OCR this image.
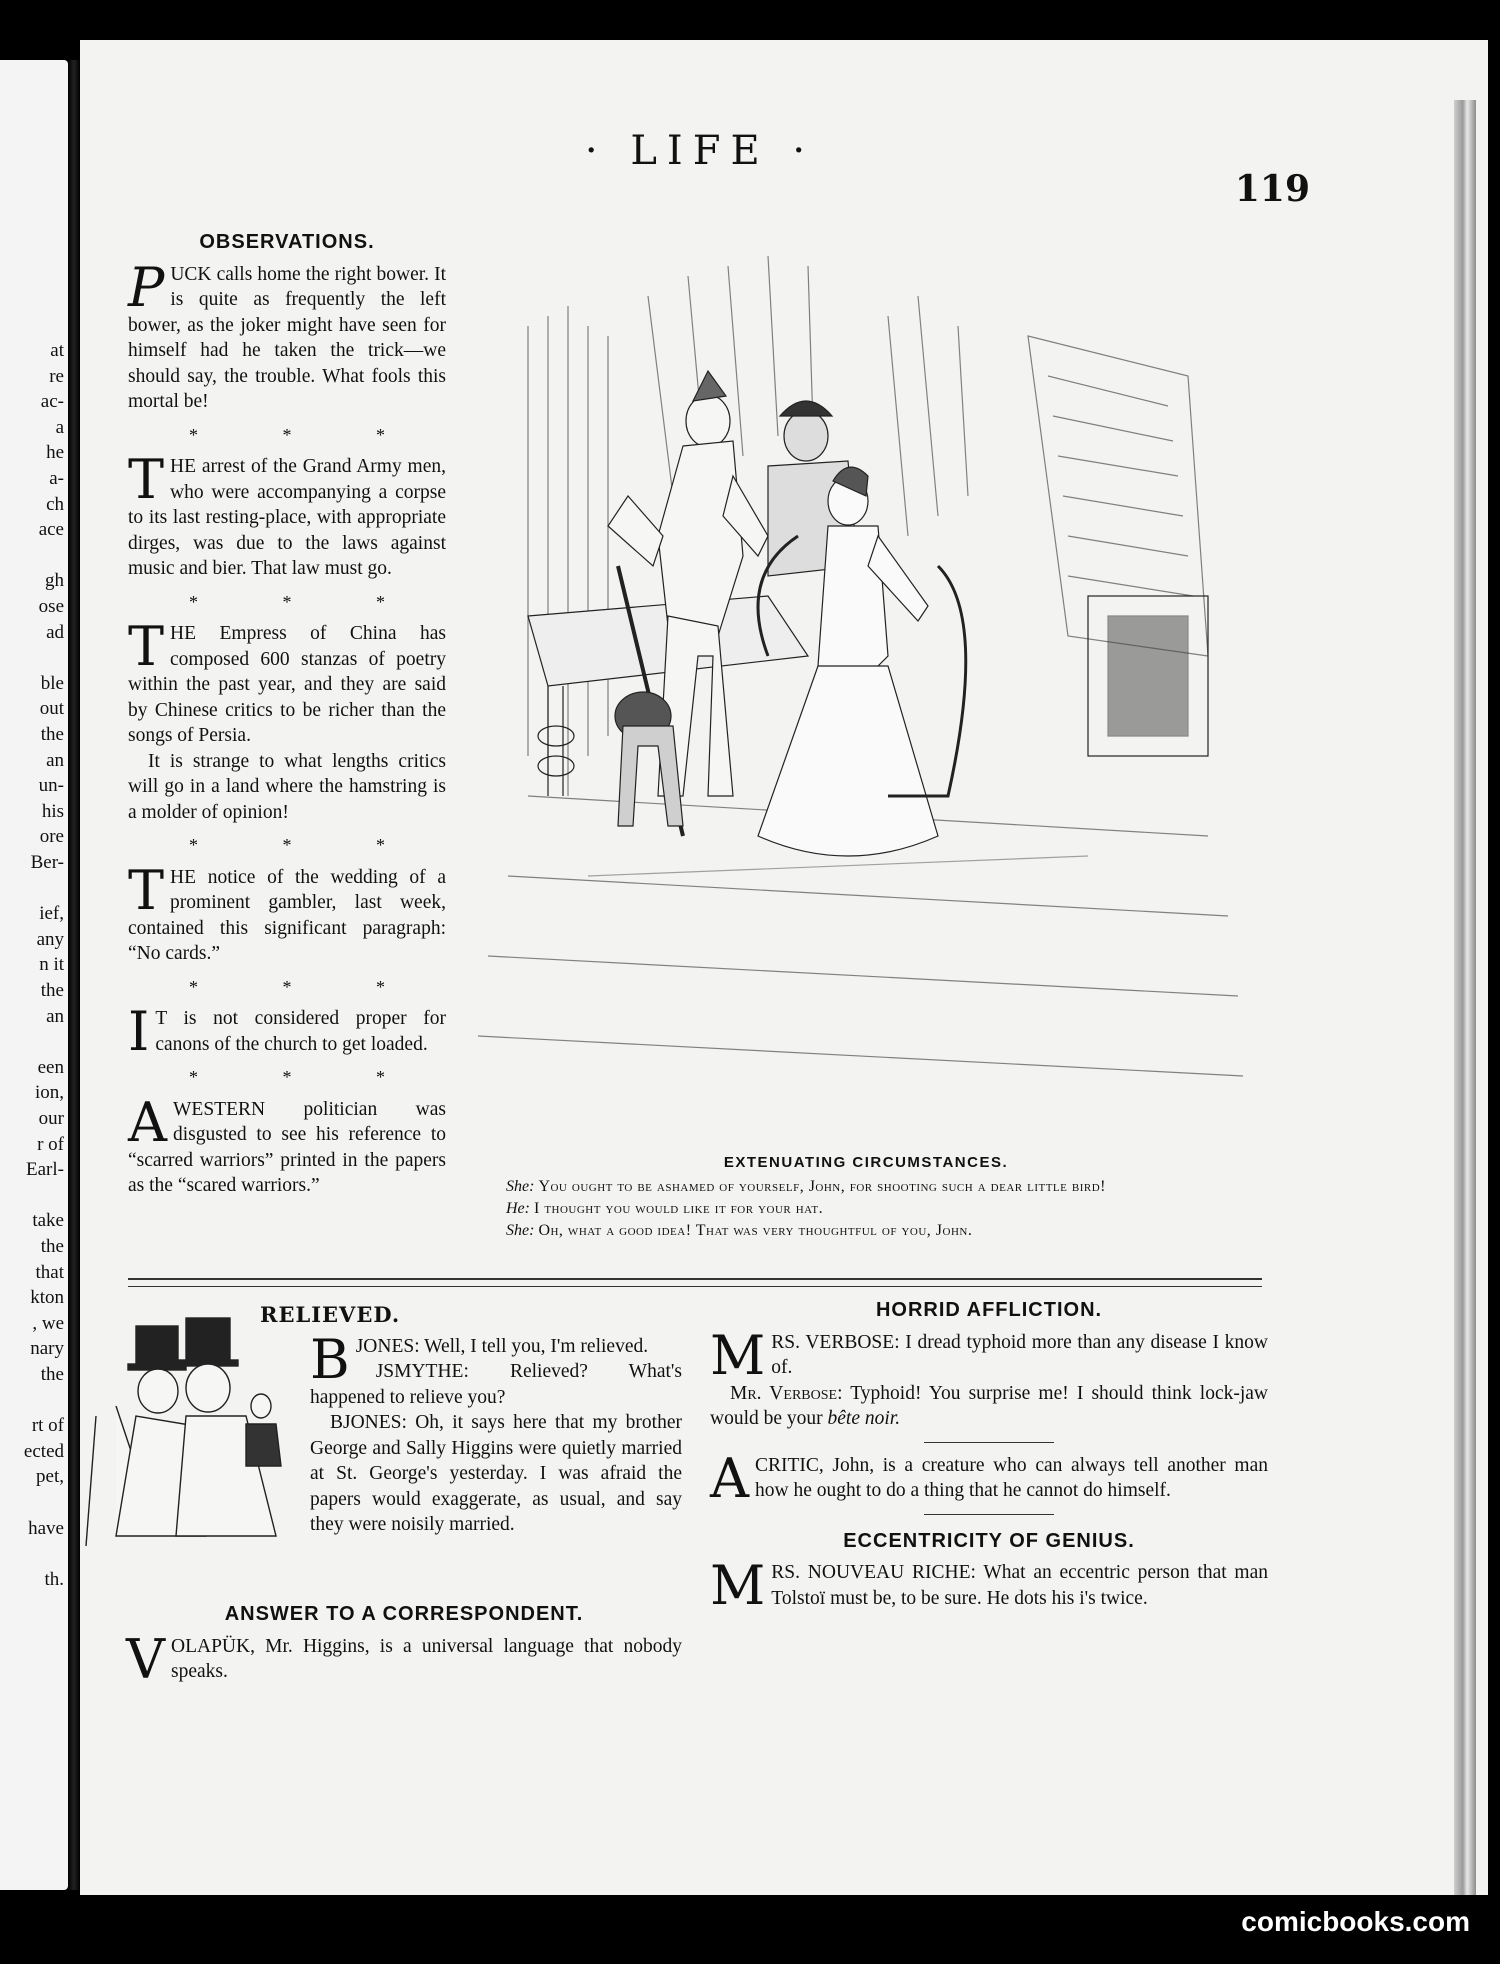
at
re
ac-
a
he
a-
ch
ace
gh
ose
ad
ble
out
the
an
un-
his
ore
Ber-
ief,
any
n it
the
an
een
ion,
our
r of
Earl-
take
the
that
kton
, we
nary
the
rt of
ected
pet,
have
th.
· LIFE ·
119
OBSERVATIONS.

PUCK calls home the right bower. It is quite as frequently the left bower, as the joker might have seen for himself had he taken the trick—we should say, the trouble. What fools this mortal be!

* * *

THE arrest of the Grand Army men, who were accompanying a corpse to its last resting-place, with appropriate dirges, was due to the laws against music and bier. That law must go.

* * *

THE Empress of China has composed 600 stanzas of poetry within the past year, and they are said by Chinese critics to be richer than the songs of Persia.

It is strange to what lengths critics will go in a land where the hamstring is a molder of opinion!

* * *

THE notice of the wedding of a prominent gambler, last week, contained this significant paragraph: “No cards.”

* * *

I T is not considered proper for canons of the church to get loaded.

* * *

AWESTERN politician was disgusted to see his reference to “scarred warriors” printed in the papers as the “scared warriors.”

EXTENUATING CIRCUMSTANCES.
She: You ought to be ashamed of yourself, John, for shooting such a dear little bird!
He: I thought you would like it for your hat.
She: Oh, what a good idea! That was very thoughtful of you, John.
RELIEVED.

BJONES: Well, I tell you, I'm relieved.

JSMYTHE: Relieved? What's happened to relieve you?

BJONES: Oh, it says here that my brother George and Sally Higgins were quietly married at St. George's yesterday. I was afraid the papers would exaggerate, as usual, and say they were noisily married.

ANSWER TO A CORRESPONDENT.

VOLAPÜK, Mr. Higgins, is a universal language that nobody speaks.

HORRID AFFLICTION.

MRS. VERBOSE: I dread typhoid more than any disease I know of.

Mr. Verbose: Typhoid! You surprise me! I should think lock-jaw would be your bête noir.

ACRITIC, John, is a creature who can always tell another man how he ought to do a thing that he cannot do himself.

ECCENTRICITY OF GENIUS.

MRS. NOUVEAU RICHE: What an eccentric person that man Tolstoï must be, to be sure. He dots his i's twice.

comicbooks.com
